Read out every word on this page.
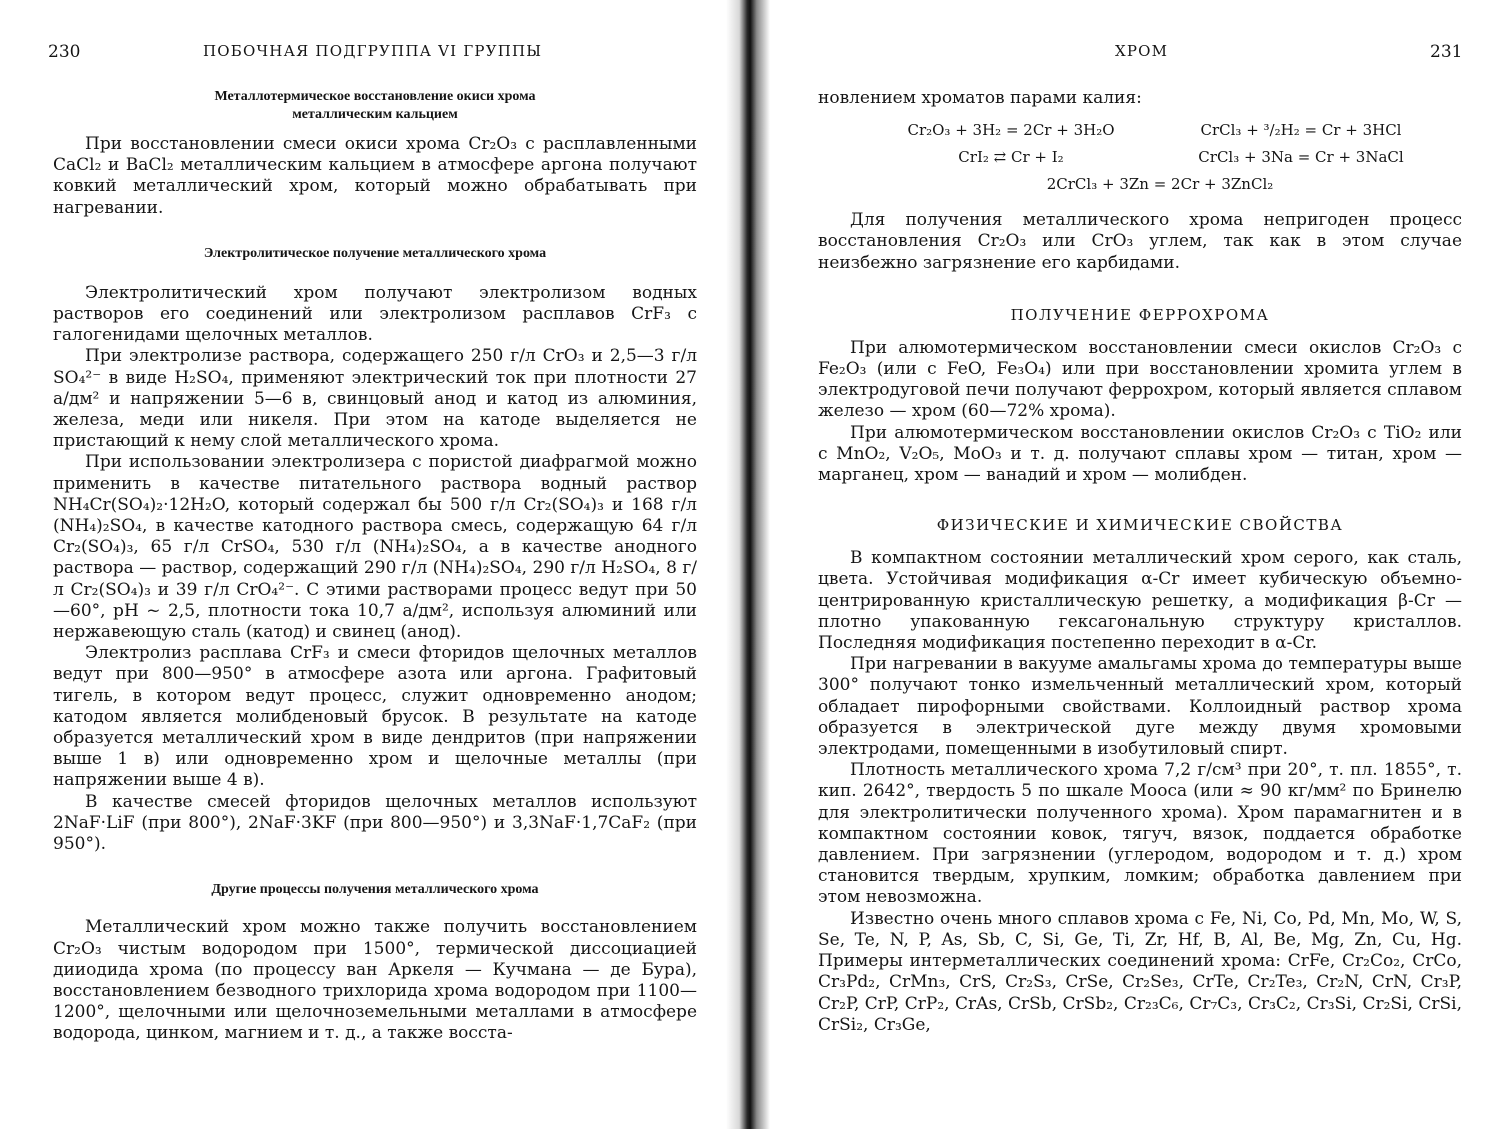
230	ПОБОЧНАЯ ПОДГРУППА VI ГРУППЫ
Металлотермическое восстановление окиси хрома
металлическим кальцием

При восстановлении смеси окиси хрома Cr₂O₃ с расплавленными CaCl₂ и BaCl₂ металлическим кальцием в атмосфере аргона получают ковкий металлический хром, который можно обрабатывать при нагревании.

Электролитическое получение металлического хрома

Электролитический хром получают электролизом водных растворов его соединений или электролизом расплавов CrF₃ с галогенидами щелочных металлов.

При электролизе раствора, содержащего 250 г/л CrO₃ и 2,5—3 г/л SO₄²⁻ в виде H₂SO₄, применяют электрический ток при плотности 27 а/дм² и напряжении 5—6 в, свинцовый анод и катод из алюминия, железа, меди или никеля. При этом на катоде выделяется не пристающий к нему слой металлического хрома.

При использовании электролизера с пористой диафрагмой можно применить в качестве питательного раствора водный раствор NH₄Cr(SO₄)₂·12H₂O, который содержал бы 500 г/л Cr₂(SO₄)₃ и 168 г/л (NH₄)₂SO₄, в качестве катодного раствора смесь, содержащую 64 г/л Cr₂(SO₄)₃, 65 г/л CrSO₄, 530 г/л (NH₄)₂SO₄, а в качестве анодного раствора — раствор, содержащий 290 г/л (NH₄)₂SO₄, 290 г/л H₂SO₄, 8 г/л Cr₂(SO₄)₃ и 39 г/л CrO₄²⁻. С этими растворами процесс ведут при 50—60°, pH ~ 2,5, плотности тока 10,7 а/дм², используя алюминий или нержавеющую сталь (катод) и свинец (анод).

Электролиз расплава CrF₃ и смеси фторидов щелочных металлов ведут при 800—950° в атмосфере азота или аргона. Графитовый тигель, в котором ведут процесс, служит одновременно анодом; катодом является молибденовый брусок. В результате на катоде образуется металлический хром в виде дендритов (при напряжении выше 1 в) или одновременно хром и щелочные металлы (при напряжении выше 4 в).

В качестве смесей фторидов щелочных металлов используют 2NaF·LiF (при 800°), 2NaF·3KF (при 800—950°) и 3,3NaF·1,7CaF₂ (при 950°).

Другие процессы получения металлического хрома

Металлический хром можно также получить восстановлением Cr₂O₃ чистым водородом при 1500°, термической диссоциацией дииодида хрома (по процессу ван Аркеля — Кучмана — де Бура), восстановлением безводного трихлорида хрома водородом при 1100—1200°, щелочными или щелочноземельными металлами в атмосфере водорода, цинком, магнием и т. д., а также восста-

ХРОМ	231

новлением хроматов парами калия:

Cr₂O₃ + 3H₂ = 2Cr + 3H₂O	CrCl₃ + ³/₂H₂ = Cr + 3HCl
CrI₂ ⇄ Cr + I₂	CrCl₃ + 3Na = Cr + 3NaCl
2CrCl₃ + 3Zn = 2Cr + 3ZnCl₂

Для получения металлического хрома непригоден процесс восстановления Cr₂O₃ или CrO₃ углем, так как в этом случае неизбежно загрязнение его карбидами.

ПОЛУЧЕНИЕ ФЕРРОХРОМА

При алюмотермическом восстановлении смеси окислов Cr₂O₃ с Fe₂O₃ (или с FeO, Fe₃O₄) или при восстановлении хромита углем в электродуговой печи получают феррохром, который является сплавом железо — хром (60—72% хрома).

При алюмотермическом восстановлении окислов Cr₂O₃ с TiO₂ или с MnO₂, V₂O₅, MoO₃ и т. д. получают сплавы хром — титан, хром — марганец, хром — ванадий и хром — молибден.

ФИЗИЧЕСКИЕ И ХИМИЧЕСКИЕ СВОЙСТВА

В компактном состоянии металлический хром серого, как сталь, цвета. Устойчивая модификация α-Cr имеет кубическую объемно-центрированную кристаллическую решетку, а модификация β-Cr — плотно упакованную гексагональную структуру кристаллов. Последняя модификация постепенно переходит в α-Cr.

При нагревании в вакууме амальгамы хрома до температуры выше 300° получают тонко измельченный металлический хром, который обладает пирофорными свойствами. Коллоидный раствор хрома образуется в электрической дуге между двумя хромовыми электродами, помещенными в изобутиловый спирт.

Плотность металлического хрома 7,2 г/см³ при 20°, т. пл. 1855°, т. кип. 2642°, твердость 5 по шкале Мооса (или ≈ 90 кг/мм² по Бринелю для электролитически полученного хрома). Хром парамагнитен и в компактном состоянии ковок, тягуч, вязок, поддается обработке давлением. При загрязнении (углеродом, водородом и т. д.) хром становится твердым, хрупким, ломким; обработка давлением при этом невозможна.

Известно очень много сплавов хрома с Fe, Ni, Co, Pd, Mn, Mo, W, S, Se, Te, N, P, As, Sb, C, Si, Ge, Ti, Zr, Hf, B, Al, Be, Mg, Zn, Cu, Hg. Примеры интерметаллических соединений хрома: CrFe, Cr₂Co₂, CrCo, Cr₃Pd₂, CrMn₃, CrS, Cr₂S₃, CrSe, Cr₂Se₃, CrTe, Cr₂Te₃, Cr₂N, CrN, Cr₃P, Cr₂P, CrP, CrP₂, CrAs, CrSb, CrSb₂, Cr₂₃C₆, Cr₇C₃, Cr₃C₂, Cr₃Si, Cr₂Si, CrSi, CrSi₂, Cr₃Ge,
